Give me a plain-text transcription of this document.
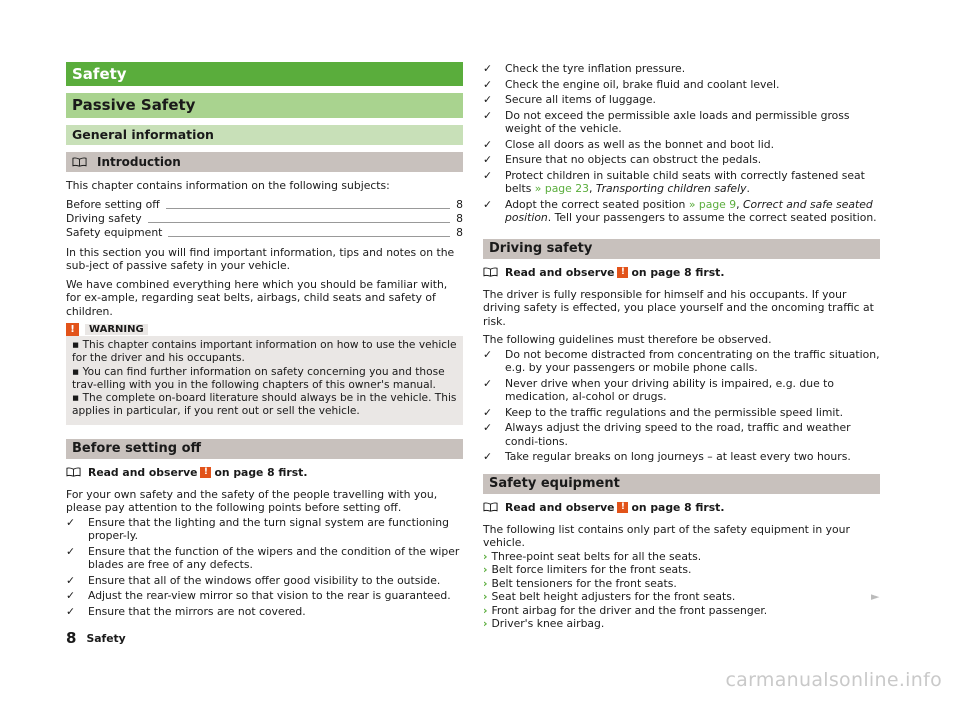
Safety
Passive Safety
General information
Introduction

This chapter contains information on the following subjects:

Before setting off	8
Driving safety	8
Safety equipment	8

In this section you will find important information, tips and notes on the sub-ject of passive safety in your vehicle.

We have combined everything here which you should be familiar with, for ex-ample, regarding seat belts, airbags, child seats and safety of children.

!	WARNING
▪ This chapter contains important information on how to use the vehicle for the driver and his occupants.
▪ You can find further information on safety concerning you and those trav-elling with you in the following chapters of this owner's manual.
▪ The complete on-board literature should always be in the vehicle. This applies in particular, if you rent out or sell the vehicle.
Before setting off
Read and observe ! on page 8 first.

For your own safety and the safety of the people travelling with you, please pay attention to the following points before setting off.

✓ Ensure that the lighting and the turn signal system are functioning proper-ly.
✓ Ensure that the function of the wipers and the condition of the wiper blades are free of any defects.
✓ Ensure that all of the windows offer good visibility to the outside.
✓ Adjust the rear-view mirror so that vision to the rear is guaranteed.
✓ Ensure that the mirrors are not covered.
✓ Check the tyre inflation pressure.
✓ Check the engine oil, brake fluid and coolant level.
✓ Secure all items of luggage.
✓ Do not exceed the permissible axle loads and permissible gross weight of the vehicle.
✓ Close all doors as well as the bonnet and boot lid.
✓ Ensure that no objects can obstruct the pedals.
✓ Protect children in suitable child seats with correctly fastened seat belts » page 23, Transporting children safely.
✓ Adopt the correct seated position » page 9, Correct and safe seated position. Tell your passengers to assume the correct seated position.
Driving safety
Read and observe ! on page 8 first.

The driver is fully responsible for himself and his occupants. If your driving safety is effected, you place yourself and the oncoming traffic at risk.

The following guidelines must therefore be observed.

✓ Do not become distracted from concentrating on the traffic situation, e.g. by your passengers or mobile phone calls.
✓ Never drive when your driving ability is impaired, e.g. due to medication, al-cohol or drugs.
✓ Keep to the traffic regulations and the permissible speed limit.
✓ Always adjust the driving speed to the road, traffic and weather condi-tions.
✓ Take regular breaks on long journeys – at least every two hours.
Safety equipment
Read and observe ! on page 8 first.

The following list contains only part of the safety equipment in your vehicle.

› Three-point seat belts for all the seats.
› Belt force limiters for the front seats.
› Belt tensioners for the front seats.
› Seat belt height adjusters for the front seats.
› Front airbag for the driver and the front passenger.
› Driver's knee airbag.
►
8 Safety
carmanualsonline.info
